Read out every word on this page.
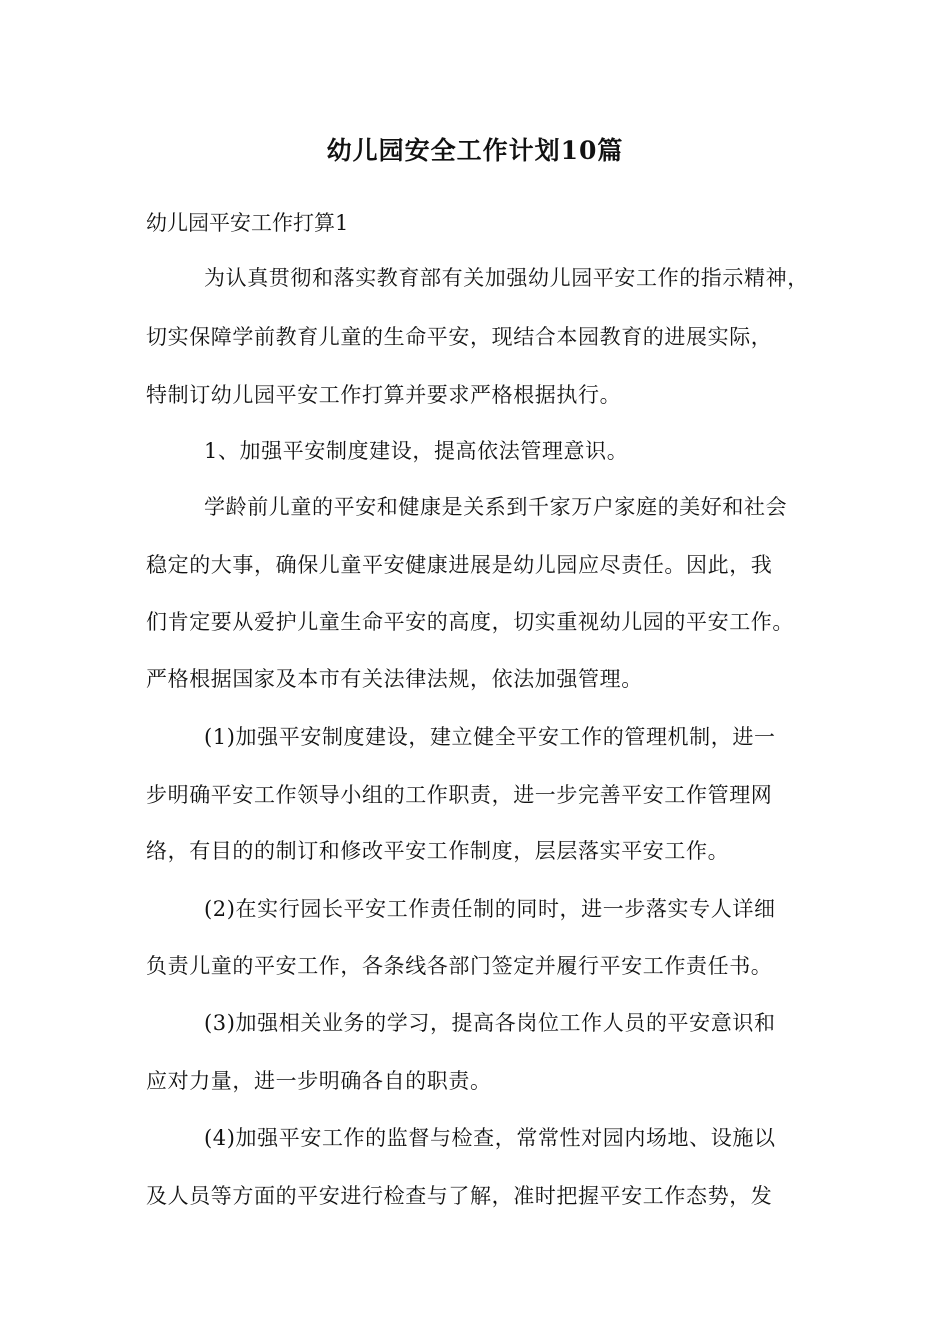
幼儿园安全工作计划10篇
幼儿园平安工作打算1
为认真贯彻和落实教育部有关加强幼儿园平安工作的指示精神，
切实保障学前教育儿童的生命平安，现结合本园教育的进展实际，
特制订幼儿园平安工作打算并要求严格根据执行。
1、加强平安制度建设，提高依法管理意识。
学龄前儿童的平安和健康是关系到千家万户家庭的美好和社会
稳定的大事，确保儿童平安健康进展是幼儿园应尽责任。因此，我
们肯定要从爱护儿童生命平安的高度，切实重视幼儿园的平安工作。
严格根据国家及本市有关法律法规，依法加强管理。
(1)加强平安制度建设，建立健全平安工作的管理机制，进一
步明确平安工作领导小组的工作职责，进一步完善平安工作管理网
络，有目的的制订和修改平安工作制度，层层落实平安工作。
(2)在实行园长平安工作责任制的同时，进一步落实专人详细
负责儿童的平安工作，各条线各部门签定并履行平安工作责任书。
(3)加强相关业务的学习，提高各岗位工作人员的平安意识和
应对力量，进一步明确各自的职责。
(4)加强平安工作的监督与检查，常常性对园内场地、设施以
及人员等方面的平安进行检查与了解，准时把握平安工作态势，发
